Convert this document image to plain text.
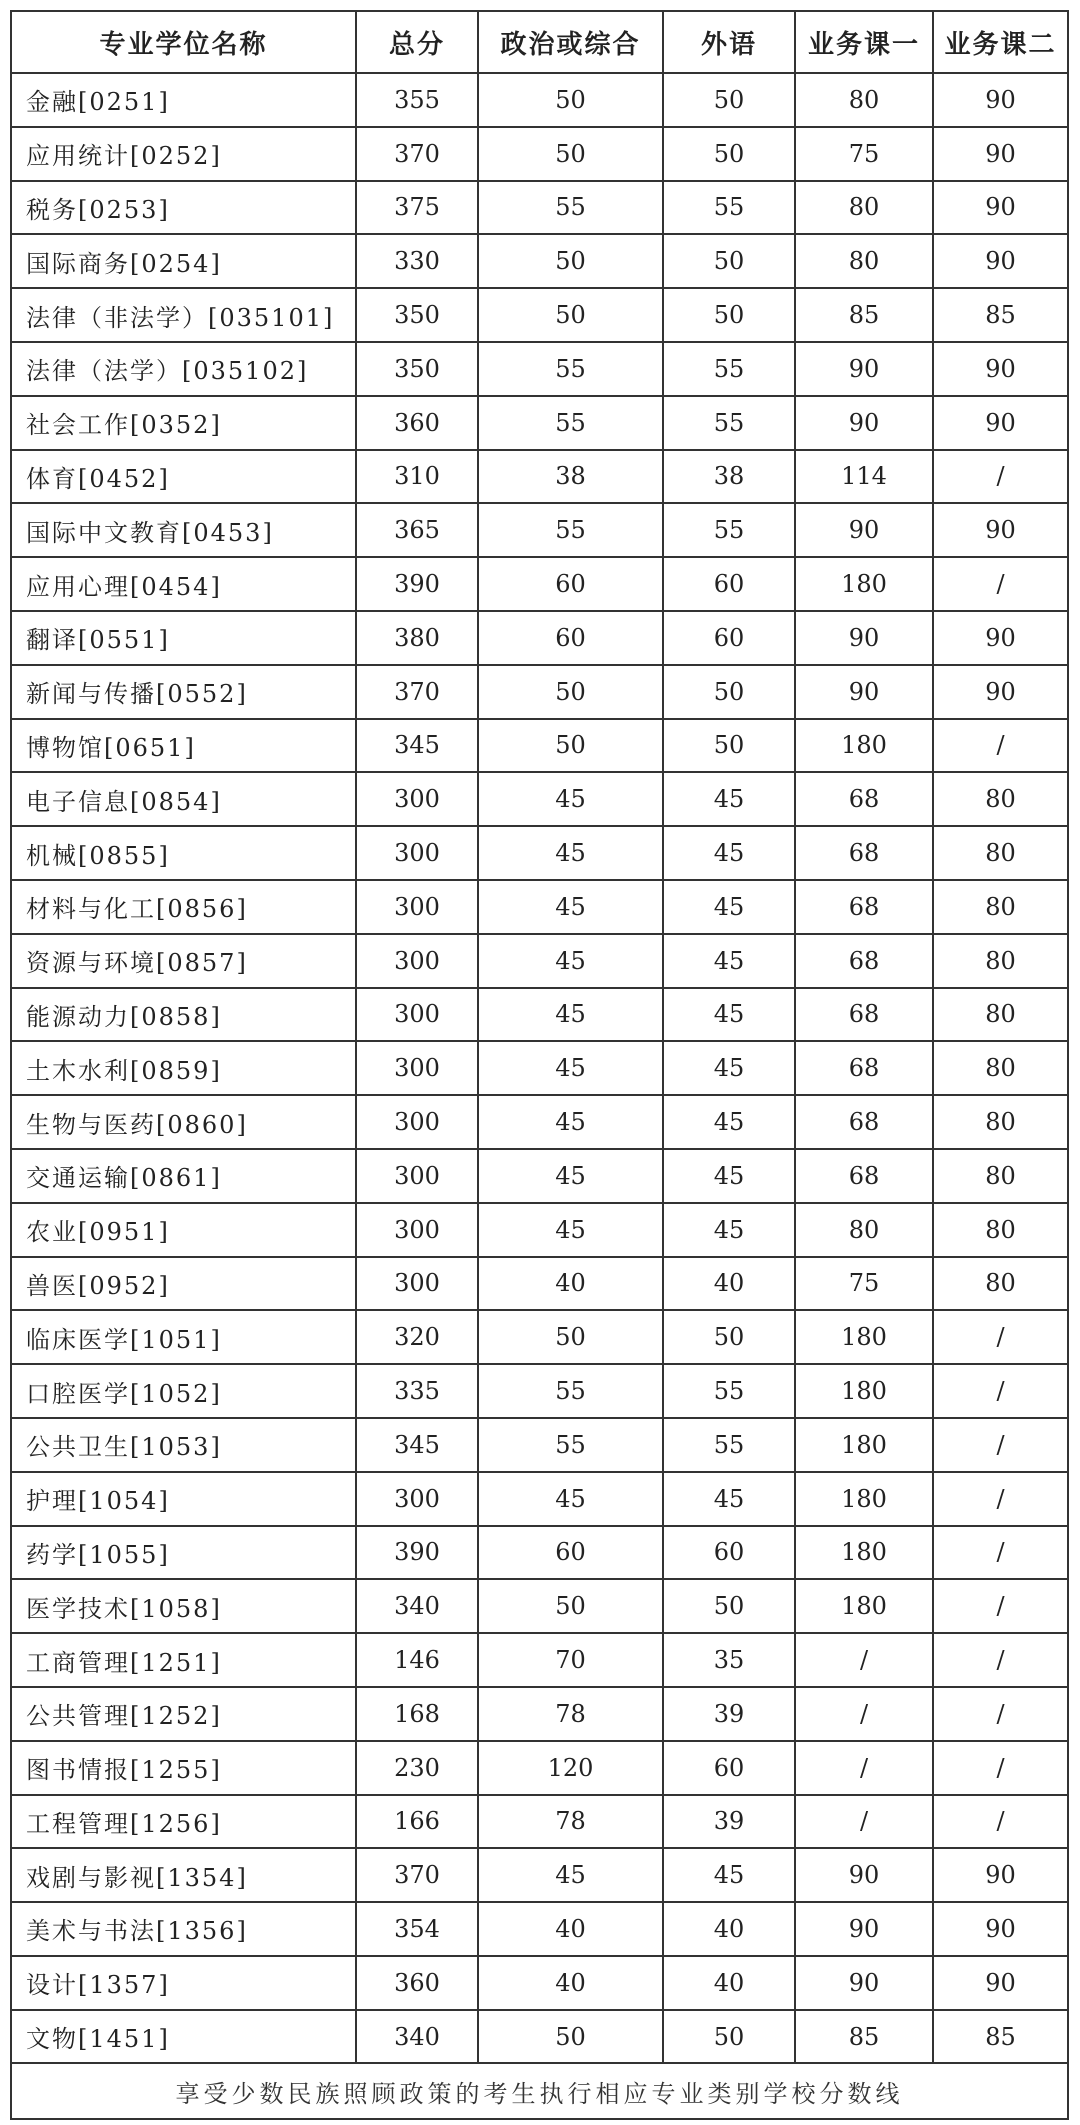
专业学位名称	总分	政治或综合	外语	业务课一	业务课二
金融[0251]	355	50	50	80	90
应用统计[0252]	370	50	50	75	90
税务[0253]	375	55	55	80	90
国际商务[0254]	330	50	50	80	90
法律（非法学）[035101]	350	50	50	85	85
法律（法学）[035102]	350	55	55	90	90
社会工作[0352]	360	55	55	90	90
体育[0452]	310	38	38	114	/
国际中文教育[0453]	365	55	55	90	90
应用心理[0454]	390	60	60	180	/
翻译[0551]	380	60	60	90	90
新闻与传播[0552]	370	50	50	90	90
博物馆[0651]	345	50	50	180	/
电子信息[0854]	300	45	45	68	80
机械[0855]	300	45	45	68	80
材料与化工[0856]	300	45	45	68	80
资源与环境[0857]	300	45	45	68	80
能源动力[0858]	300	45	45	68	80
土木水利[0859]	300	45	45	68	80
生物与医药[0860]	300	45	45	68	80
交通运输[0861]	300	45	45	68	80
农业[0951]	300	45	45	80	80
兽医[0952]	300	40	40	75	80
临床医学[1051]	320	50	50	180	/
口腔医学[1052]	335	55	55	180	/
公共卫生[1053]	345	55	55	180	/
护理[1054]	300	45	45	180	/
药学[1055]	390	60	60	180	/
医学技术[1058]	340	50	50	180	/
工商管理[1251]	146	70	35	/	/
公共管理[1252]	168	78	39	/	/
图书情报[1255]	230	120	60	/	/
工程管理[1256]	166	78	39	/	/
戏剧与影视[1354]	370	45	45	90	90
美术与书法[1356]	354	40	40	90	90
设计[1357]	360	40	40	90	90
文物[1451]	340	50	50	85	85
享受少数民族照顾政策的考生执行相应专业类别学校分数线					
